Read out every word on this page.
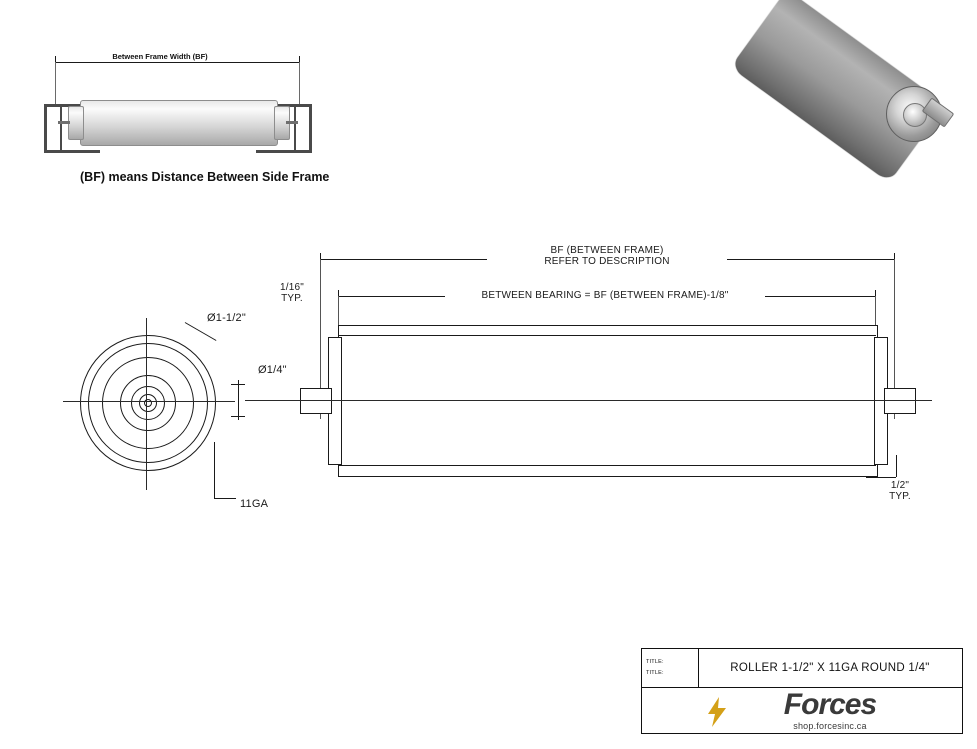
Between Frame Width (BF)
(BF) means Distance Between Side Frame
Ø1-1/2"
11GA
Ø1/4"
BF (BETWEEN FRAME)
REFER TO DESCRIPTION
BETWEEN BEARING = BF (BETWEEN FRAME)-1/8"
1/16"
TYP.
1/2"
TYP.
TITLE:
TITLE:	ROLLER 1-1/2" X 11GA ROUND 1/4"
Forces
shop.forcesinc.ca
